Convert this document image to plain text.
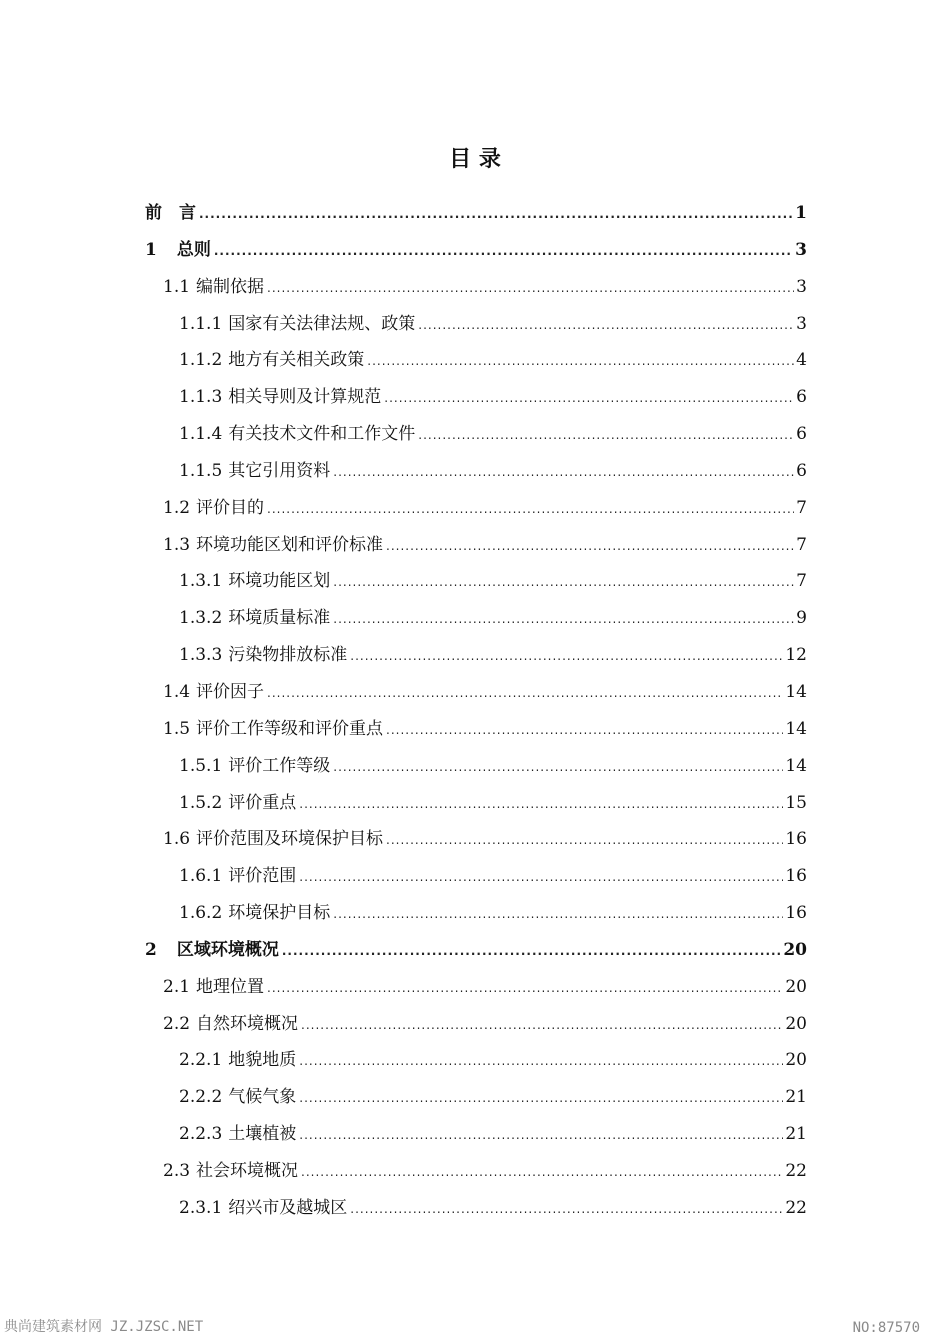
目 录
前　言 .....	1
1 总则 .....	3
1.1 编制依据 .....	3
1.1.1 国家有关法律法规、政策 .....	3
1.1.2 地方有关相关政策 .....	4
1.1.3 相关导则及计算规范 .....	6
1.1.4 有关技术文件和工作文件 .....	6
1.1.5 其它引用资料 .....	6
1.2 评价目的 .....	7
1.3 环境功能区划和评价标准 .....	7
1.3.1 环境功能区划 .....	7
1.3.2 环境质量标准 .....	9
1.3.3 污染物排放标准 .....	12
1.4 评价因子 .....	14
1.5 评价工作等级和评价重点 .....	14
1.5.1 评价工作等级 .....	14
1.5.2 评价重点 .....	15
1.6 评价范围及环境保护目标 .....	16
1.6.1 评价范围 .....	16
1.6.2 环境保护目标 .....	16
2 区域环境概况 .....	20
2.1 地理位置 .....	20
2.2 自然环境概况 .....	20
2.2.1 地貌地质 .....	20
2.2.2 气候气象 .....	21
2.2.3 土壤植被 .....	21
2.3 社会环境概况 .....	22
2.3.1 绍兴市及越城区 .....	22
典尚建筑素材网 JZ.JZSC.NET	NO:87570
